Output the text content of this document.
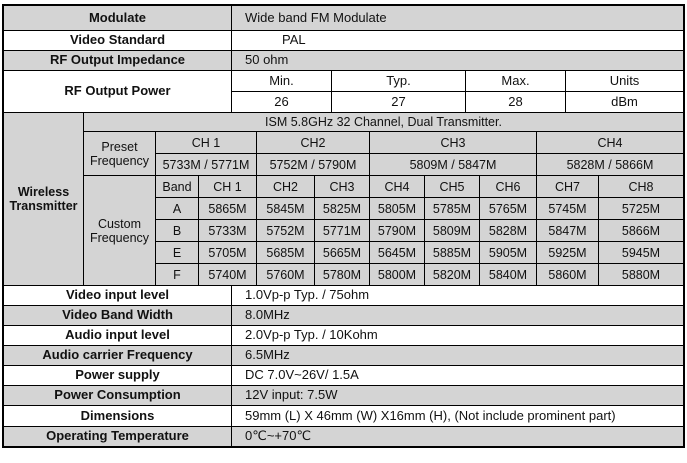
Modulate	Wide band FM Modulate
Video Standard	PAL
RF Output Impedance	50 ohm
RF Output Power
Min.	Typ.	Max.	Units
26	27	28	dBm
Wireless Transmitter
ISM 5.8GHz 32 Channel, Dual Transmitter.
Preset Frequency
CH 1	CH2	CH3	CH4
5733M / 5771M	5752M / 5790M	5809M / 5847M	5828M / 5866M
Custom Frequency
Band	CH 1	CH2	CH3	CH4	CH5	CH6	CH7	CH8
A	5865M	5845M	5825M	5805M	5785M	5765M	5745M	5725M
B	5733M	5752M	5771M	5790M	5809M	5828M	5847M	5866M
E	5705M	5685M	5665M	5645M	5885M	5905M	5925M	5945M
F	5740M	5760M	5780M	5800M	5820M	5840M	5860M	5880M
Video input level	1.0Vp-p Typ. / 75ohm
Video Band Width	8.0MHz
Audio input level	2.0Vp-p Typ. / 10Kohm
Audio carrier Frequency	6.5MHz
Power supply	DC 7.0V~26V/ 1.5A
Power Consumption	12V input: 7.5W
Dimensions	59mm (L) X 46mm (W) X16mm (H), (Not include prominent part)
Operating Temperature	0℃~+70℃
